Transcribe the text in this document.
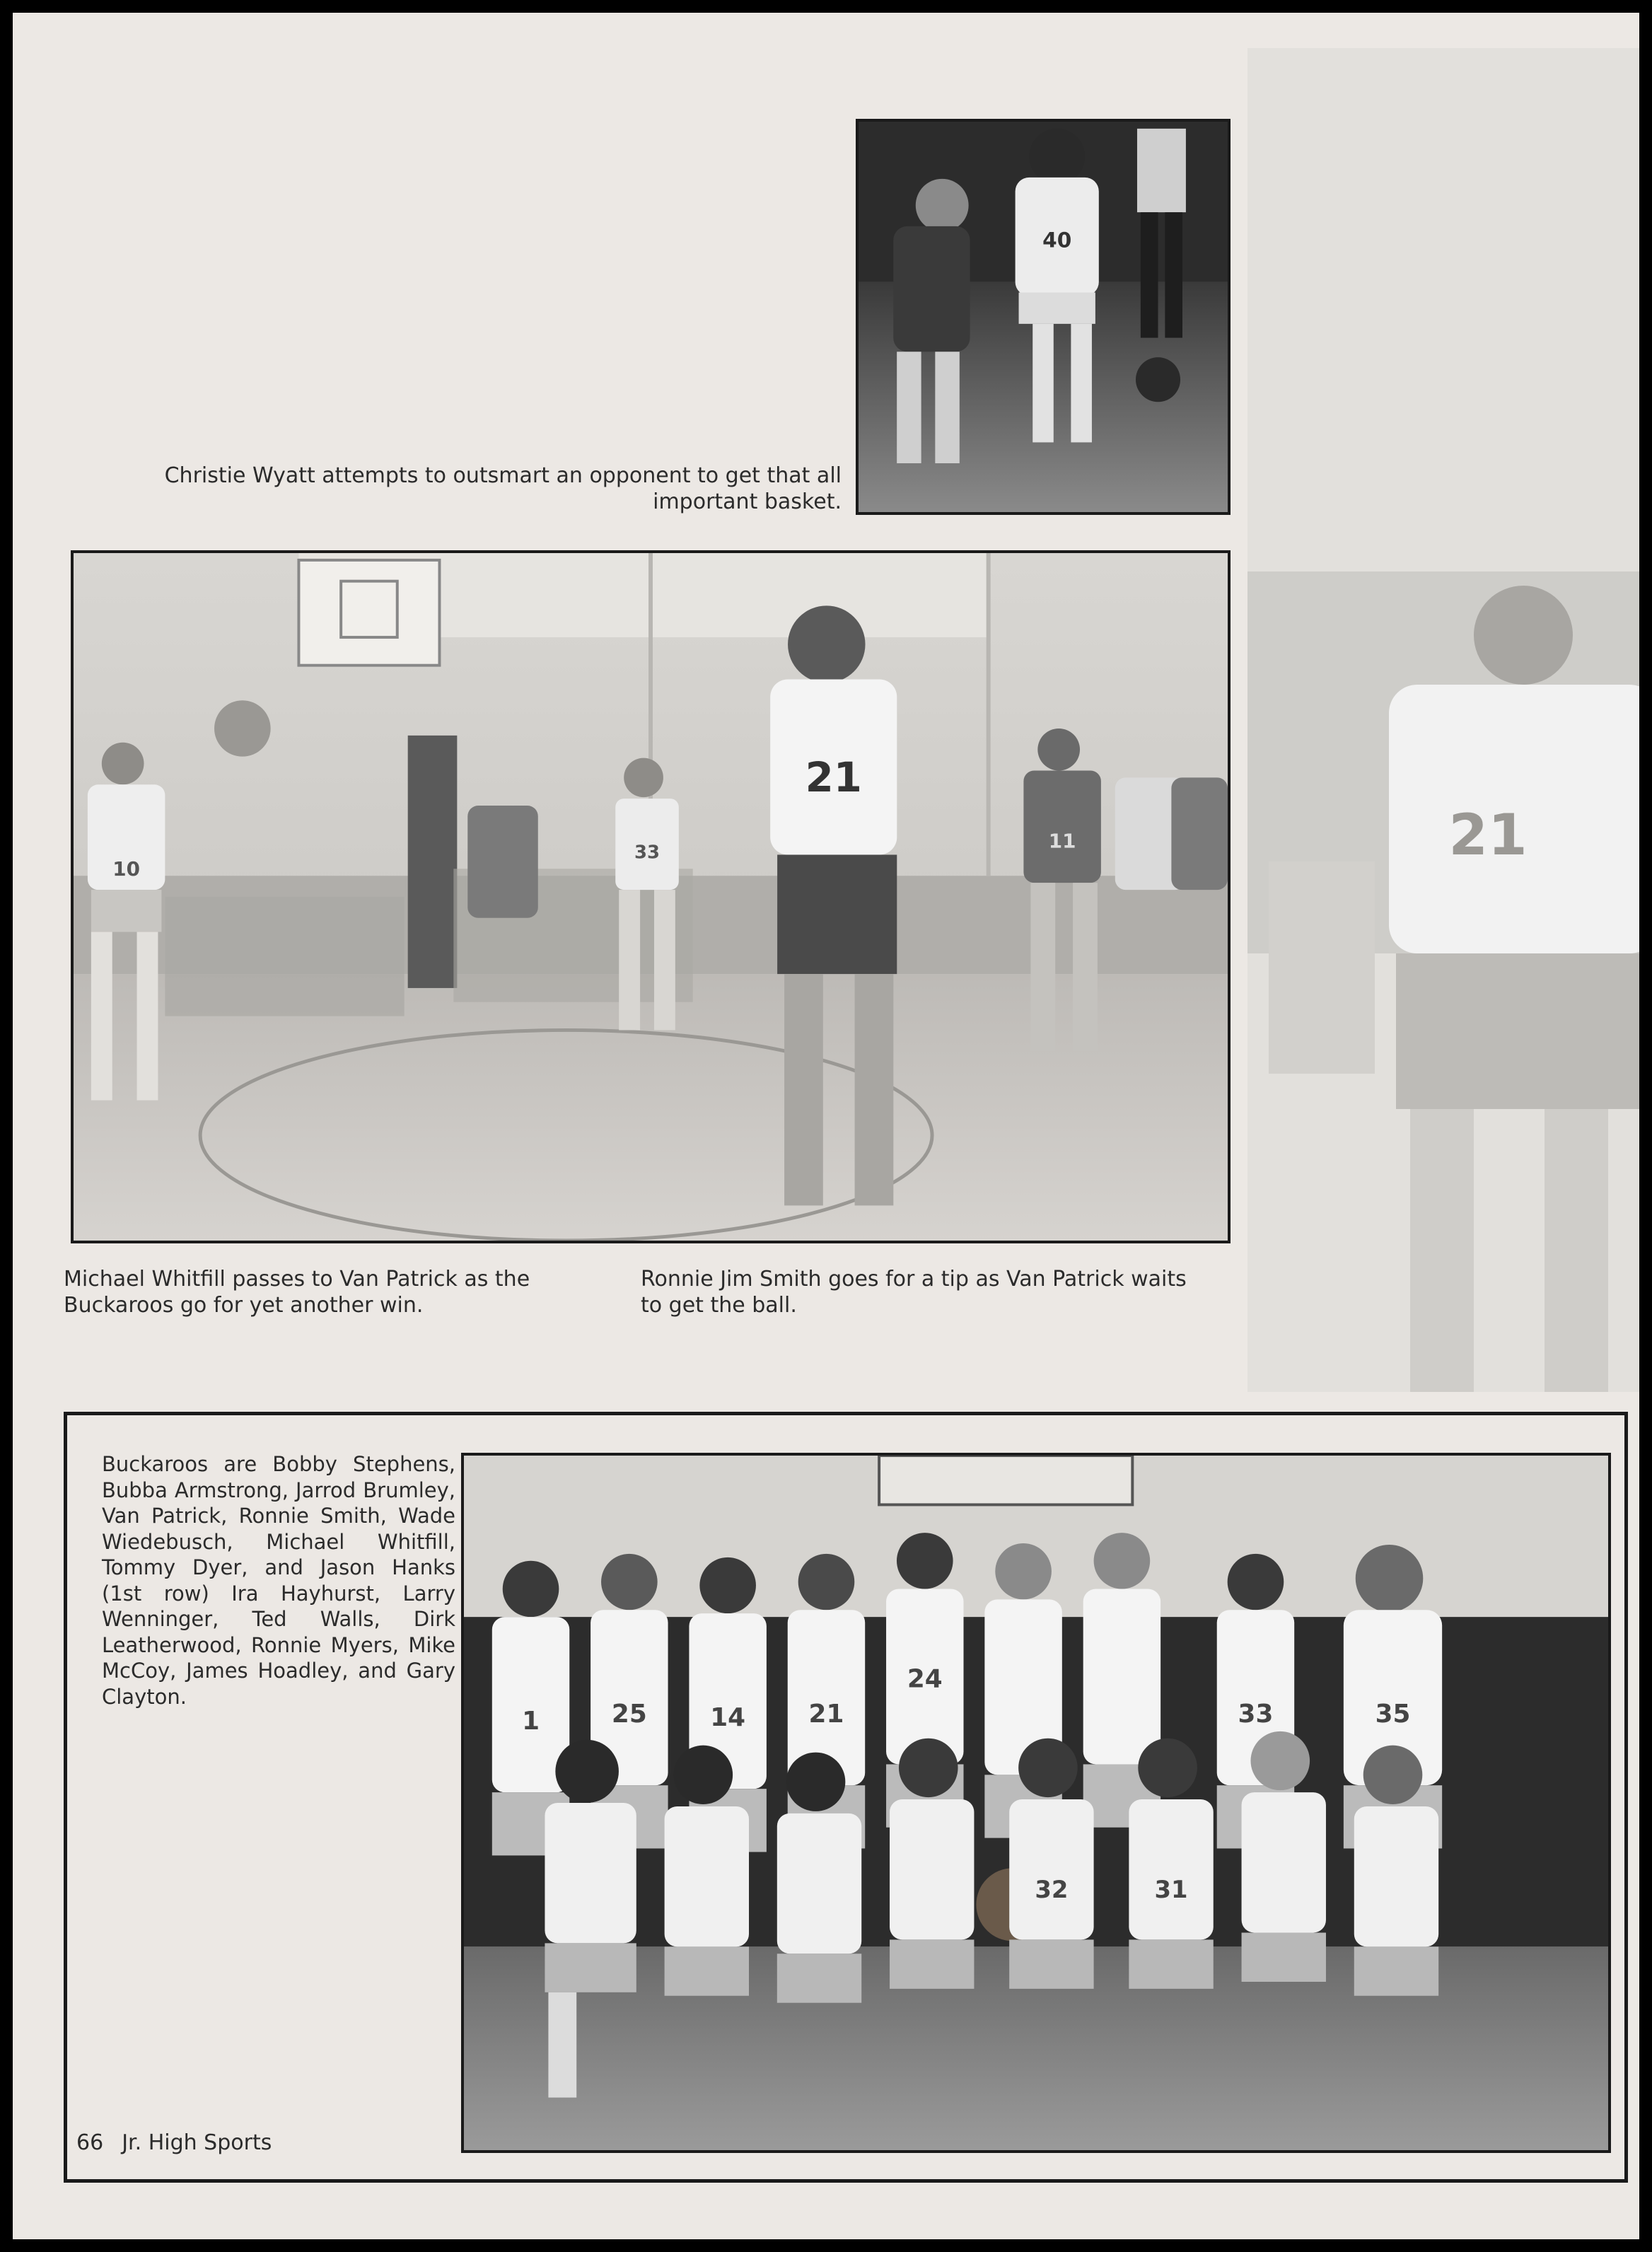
40
Christie Wyatt attempts to outsmart an opponent to get that all important basket.
10
33
21
11
Michael Whitfill passes to Van Patrick as the Buckaroos go for yet another win.
Ronnie Jim Smith goes for a tip as Van Patrick waits to get the ball.
21
Buckaroos are Bobby Stephens, Bubba Armstrong, Jarrod Brumley, Van Patrick, Ronnie Smith, Wade Wiedebusch, Michael Whitfill, Tommy Dyer, and Jason Hanks (1st row) Ira Hayhurst, Larry Wenninger, Ted Walls, Dirk Leatherwood, Ronnie Myers, Mike McCoy, James Hoadley, and Gary Clayton.
1	25 14 21
24
33	35
32	31
66 Jr. High Sports
